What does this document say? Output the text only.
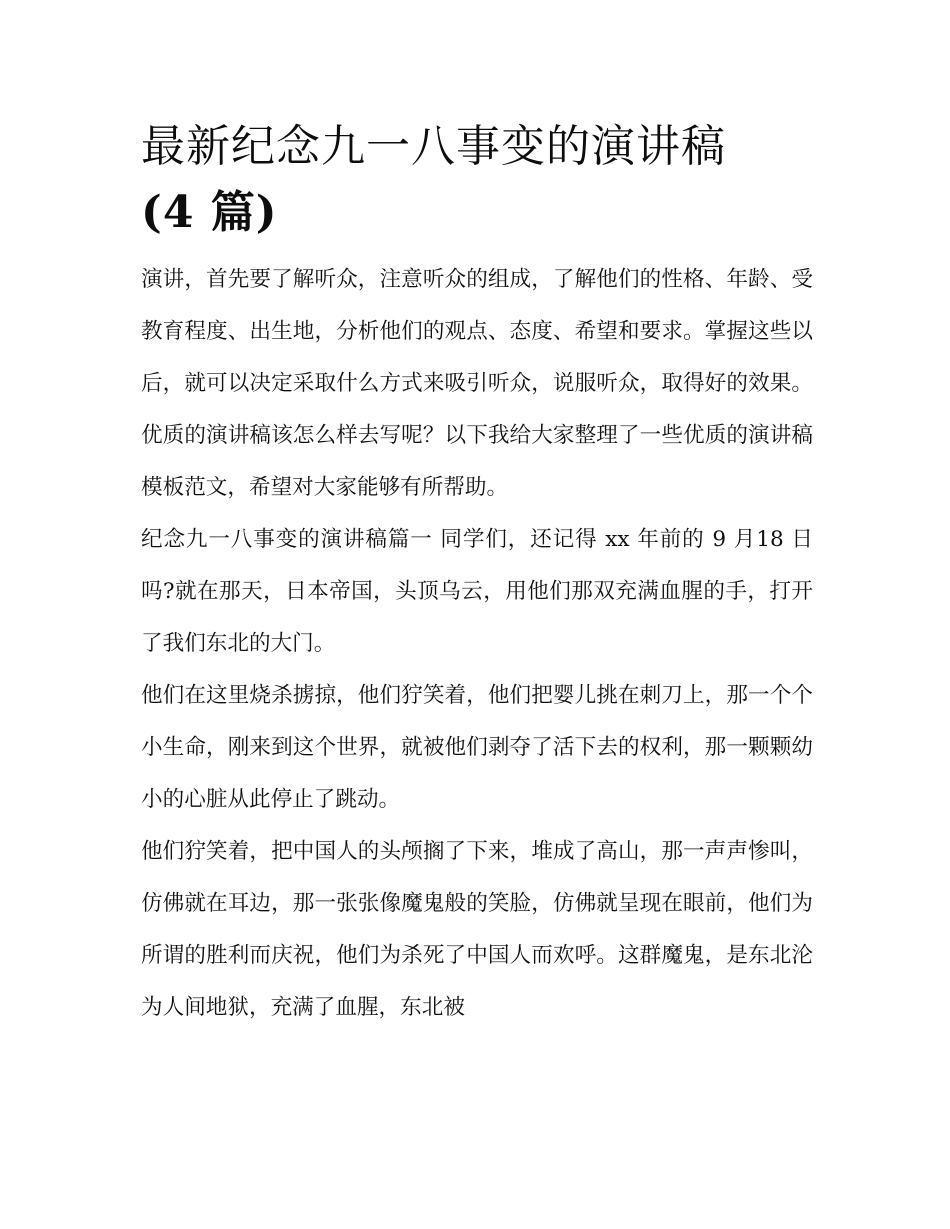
最新纪念九一八事变的演讲稿
(4 篇)

演讲，首先要了解听众，注意听众的组成，了解他们的性格、年龄、受教育程度、出生地，分析他们的观点、态度、希望和要求。掌握这些以后，就可以决定采取什么方式来吸引听众，说服听众，取得好的效果。优质的演讲稿该怎么样去写呢？以下我给大家整理了一些优质的演讲稿模板范文，希望对大家能够有所帮助。

纪念九一八事变的演讲稿篇一 同学们，还记得 xx 年前的 9 月18 日吗?就在那天，日本帝国，头顶乌云，用他们那双充满血腥的手，打开了我们东北的大门。

他们在这里烧杀掳掠，他们狞笑着，他们把婴儿挑在刺刀上，那一个个小生命，刚来到这个世界，就被他们剥夺了活下去的权利，那一颗颗幼小的心脏从此停止了跳动。

他们狞笑着，把中国人的头颅搁了下来，堆成了高山，那一声声惨叫，仿佛就在耳边，那一张张像魔鬼般的笑脸，仿佛就呈现在眼前，他们为所谓的胜利而庆祝，他们为杀死了中国人而欢呼。这群魔鬼，是东北沦为人间地狱，充满了血腥，东北被
